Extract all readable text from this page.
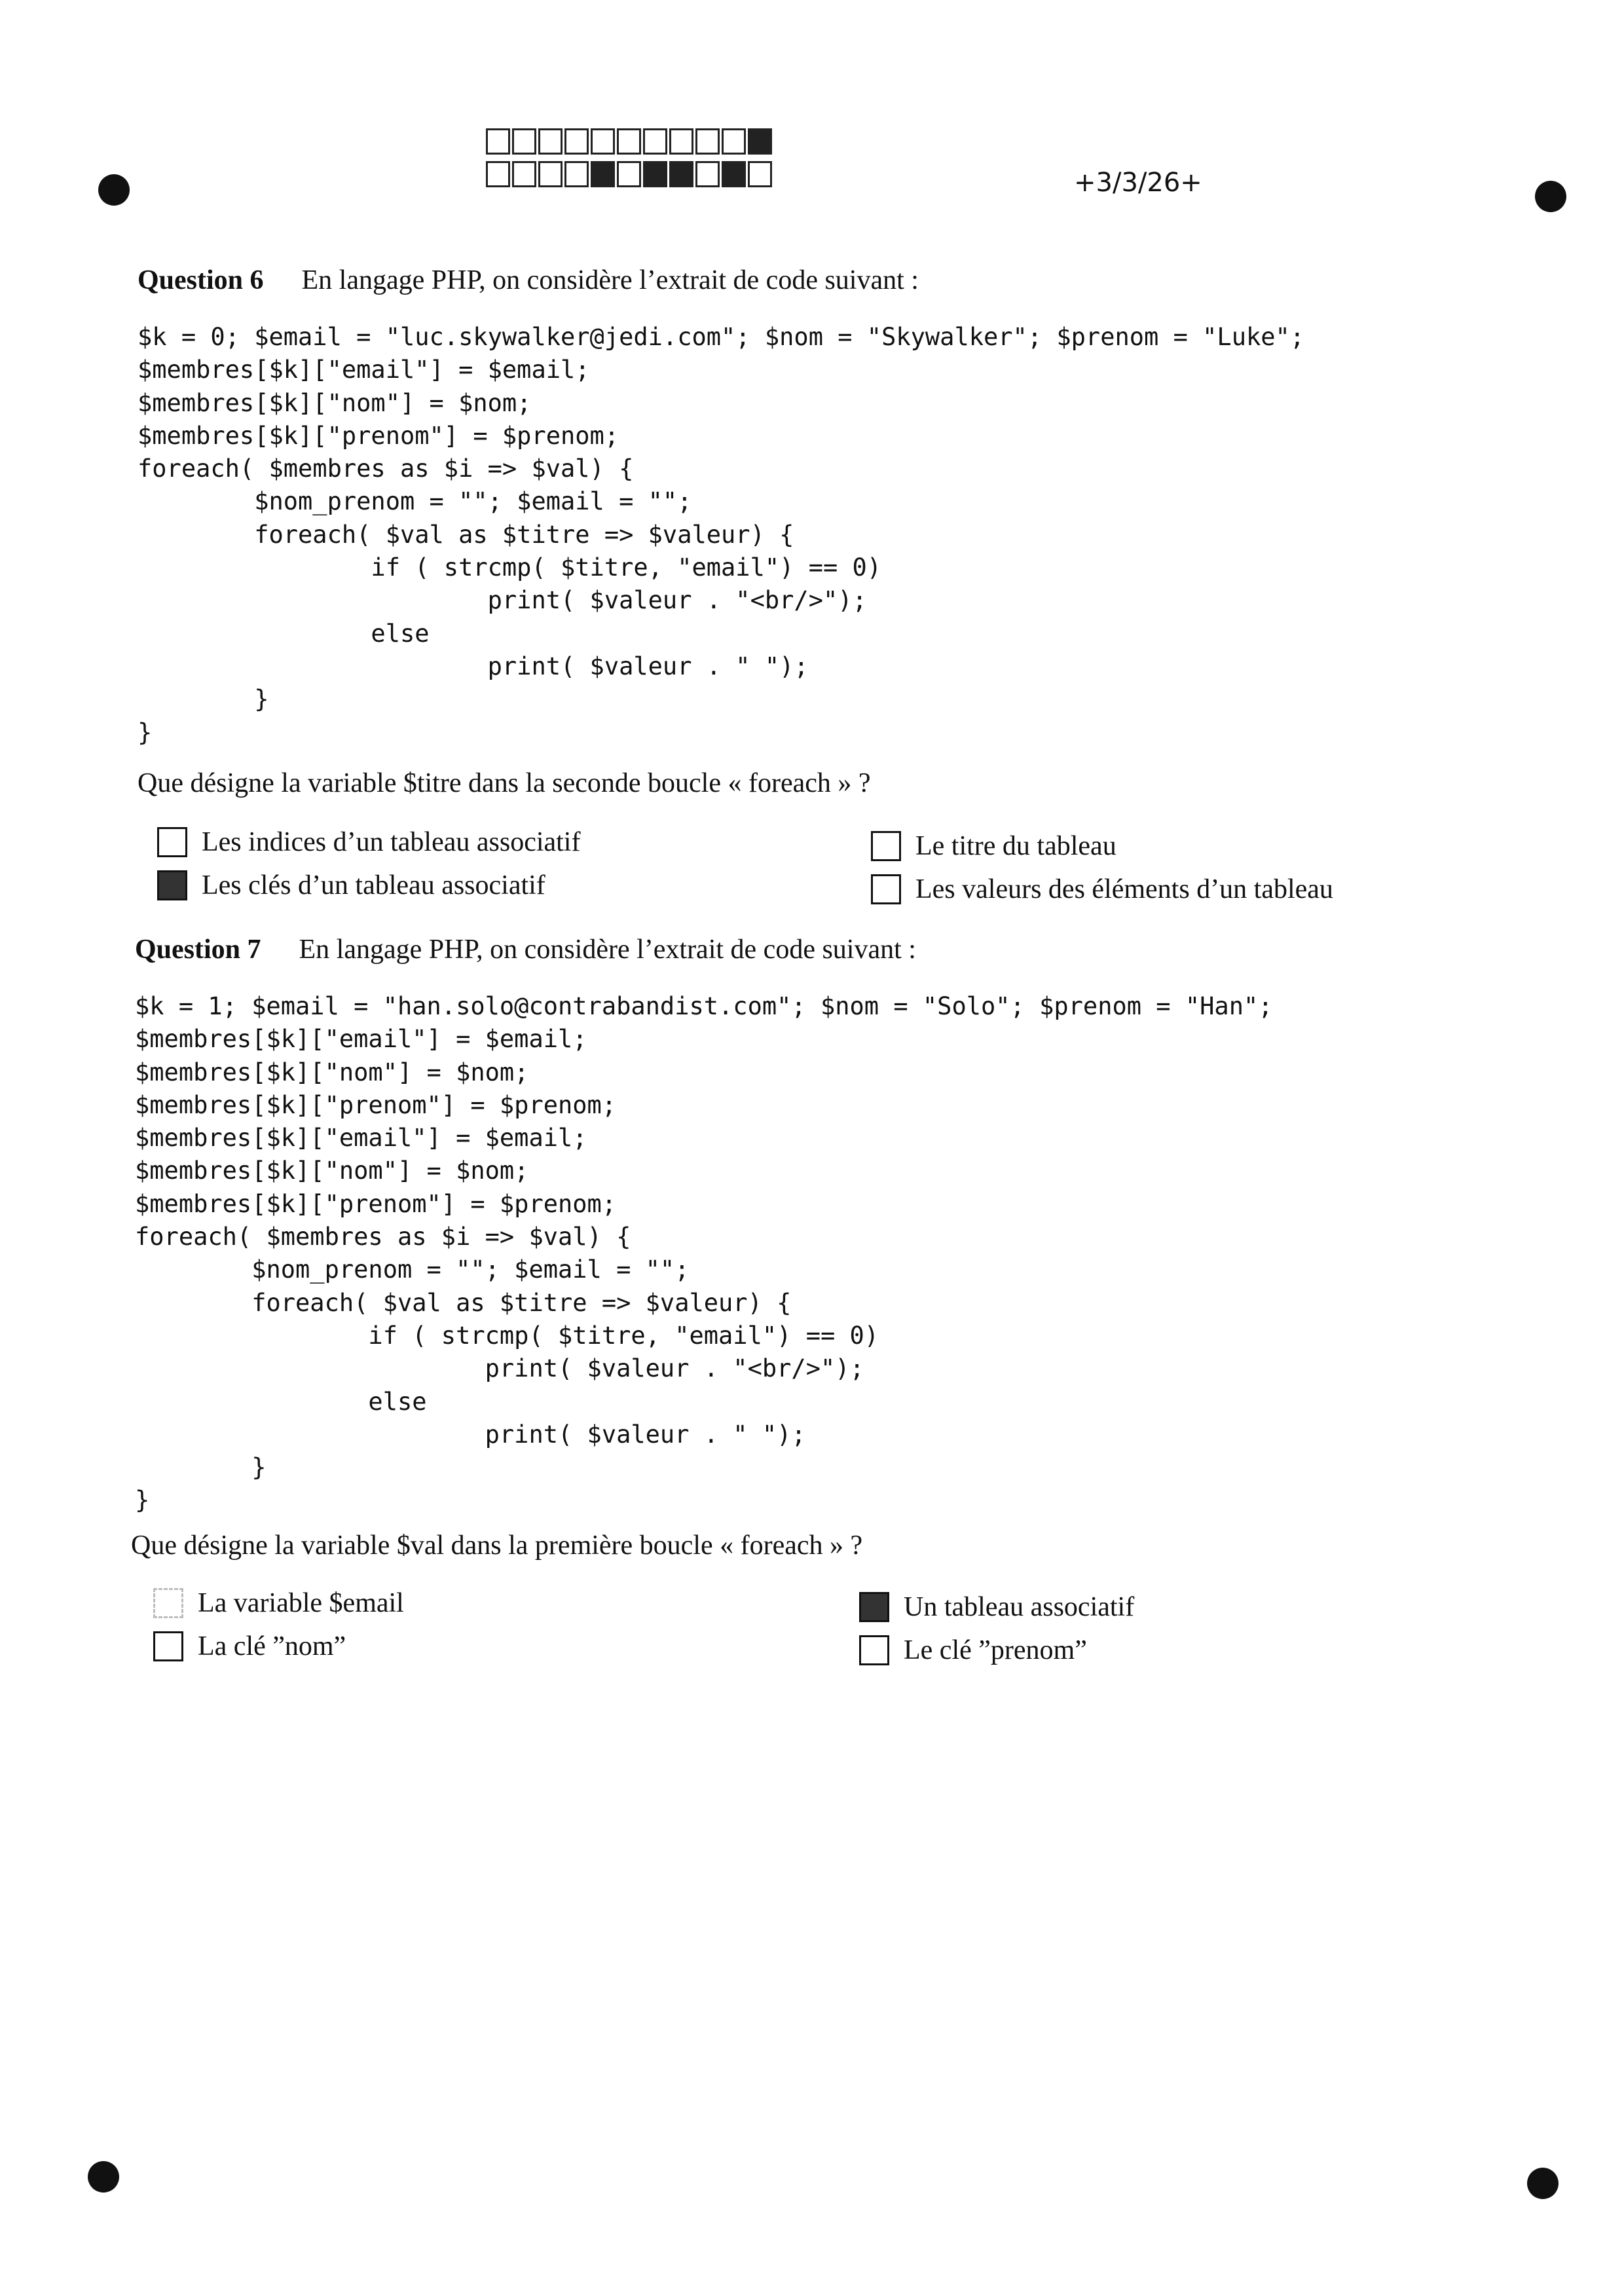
+3/3/26+
Question 6 En langage PHP, on considère l’extrait de code suivant :
$k = 0; $email = "luc.skywalker@jedi.com"; $nom = "Skywalker"; $prenom = "Luke";
$membres[$k]["email"] = $email;
$membres[$k]["nom"] = $nom;
$membres[$k]["prenom"] = $prenom;
foreach( $membres as $i => $val) {
$nom_prenom = ""; $email = "";
foreach( $val as $titre => $valeur) {
if ( strcmp( $titre, "email") == 0)
print( $valeur . "<br/>");
else
print( $valeur . " ");
}
}
Que désigne la variable $titre dans la seconde boucle « foreach » ?
Les indices d’un tableau associatif
Les clés d’un tableau associatif
Le titre du tableau
Les valeurs des éléments d’un tableau
Question 7 En langage PHP, on considère l’extrait de code suivant :
$k = 1; $email = "han.solo@contrabandist.com"; $nom = "Solo"; $prenom = "Han";
$membres[$k]["email"] = $email;
$membres[$k]["nom"] = $nom;
$membres[$k]["prenom"] = $prenom;
$membres[$k]["email"] = $email;
$membres[$k]["nom"] = $nom;
$membres[$k]["prenom"] = $prenom;
foreach( $membres as $i => $val) {
$nom_prenom = ""; $email = "";
foreach( $val as $titre => $valeur) {
if ( strcmp( $titre, "email") == 0)
print( $valeur . "<br/>");
else
print( $valeur . " ");
}
}
Que désigne la variable $val dans la première boucle « foreach » ?
La variable $email
La clé ”nom”
Un tableau associatif
Le clé ”prenom”
